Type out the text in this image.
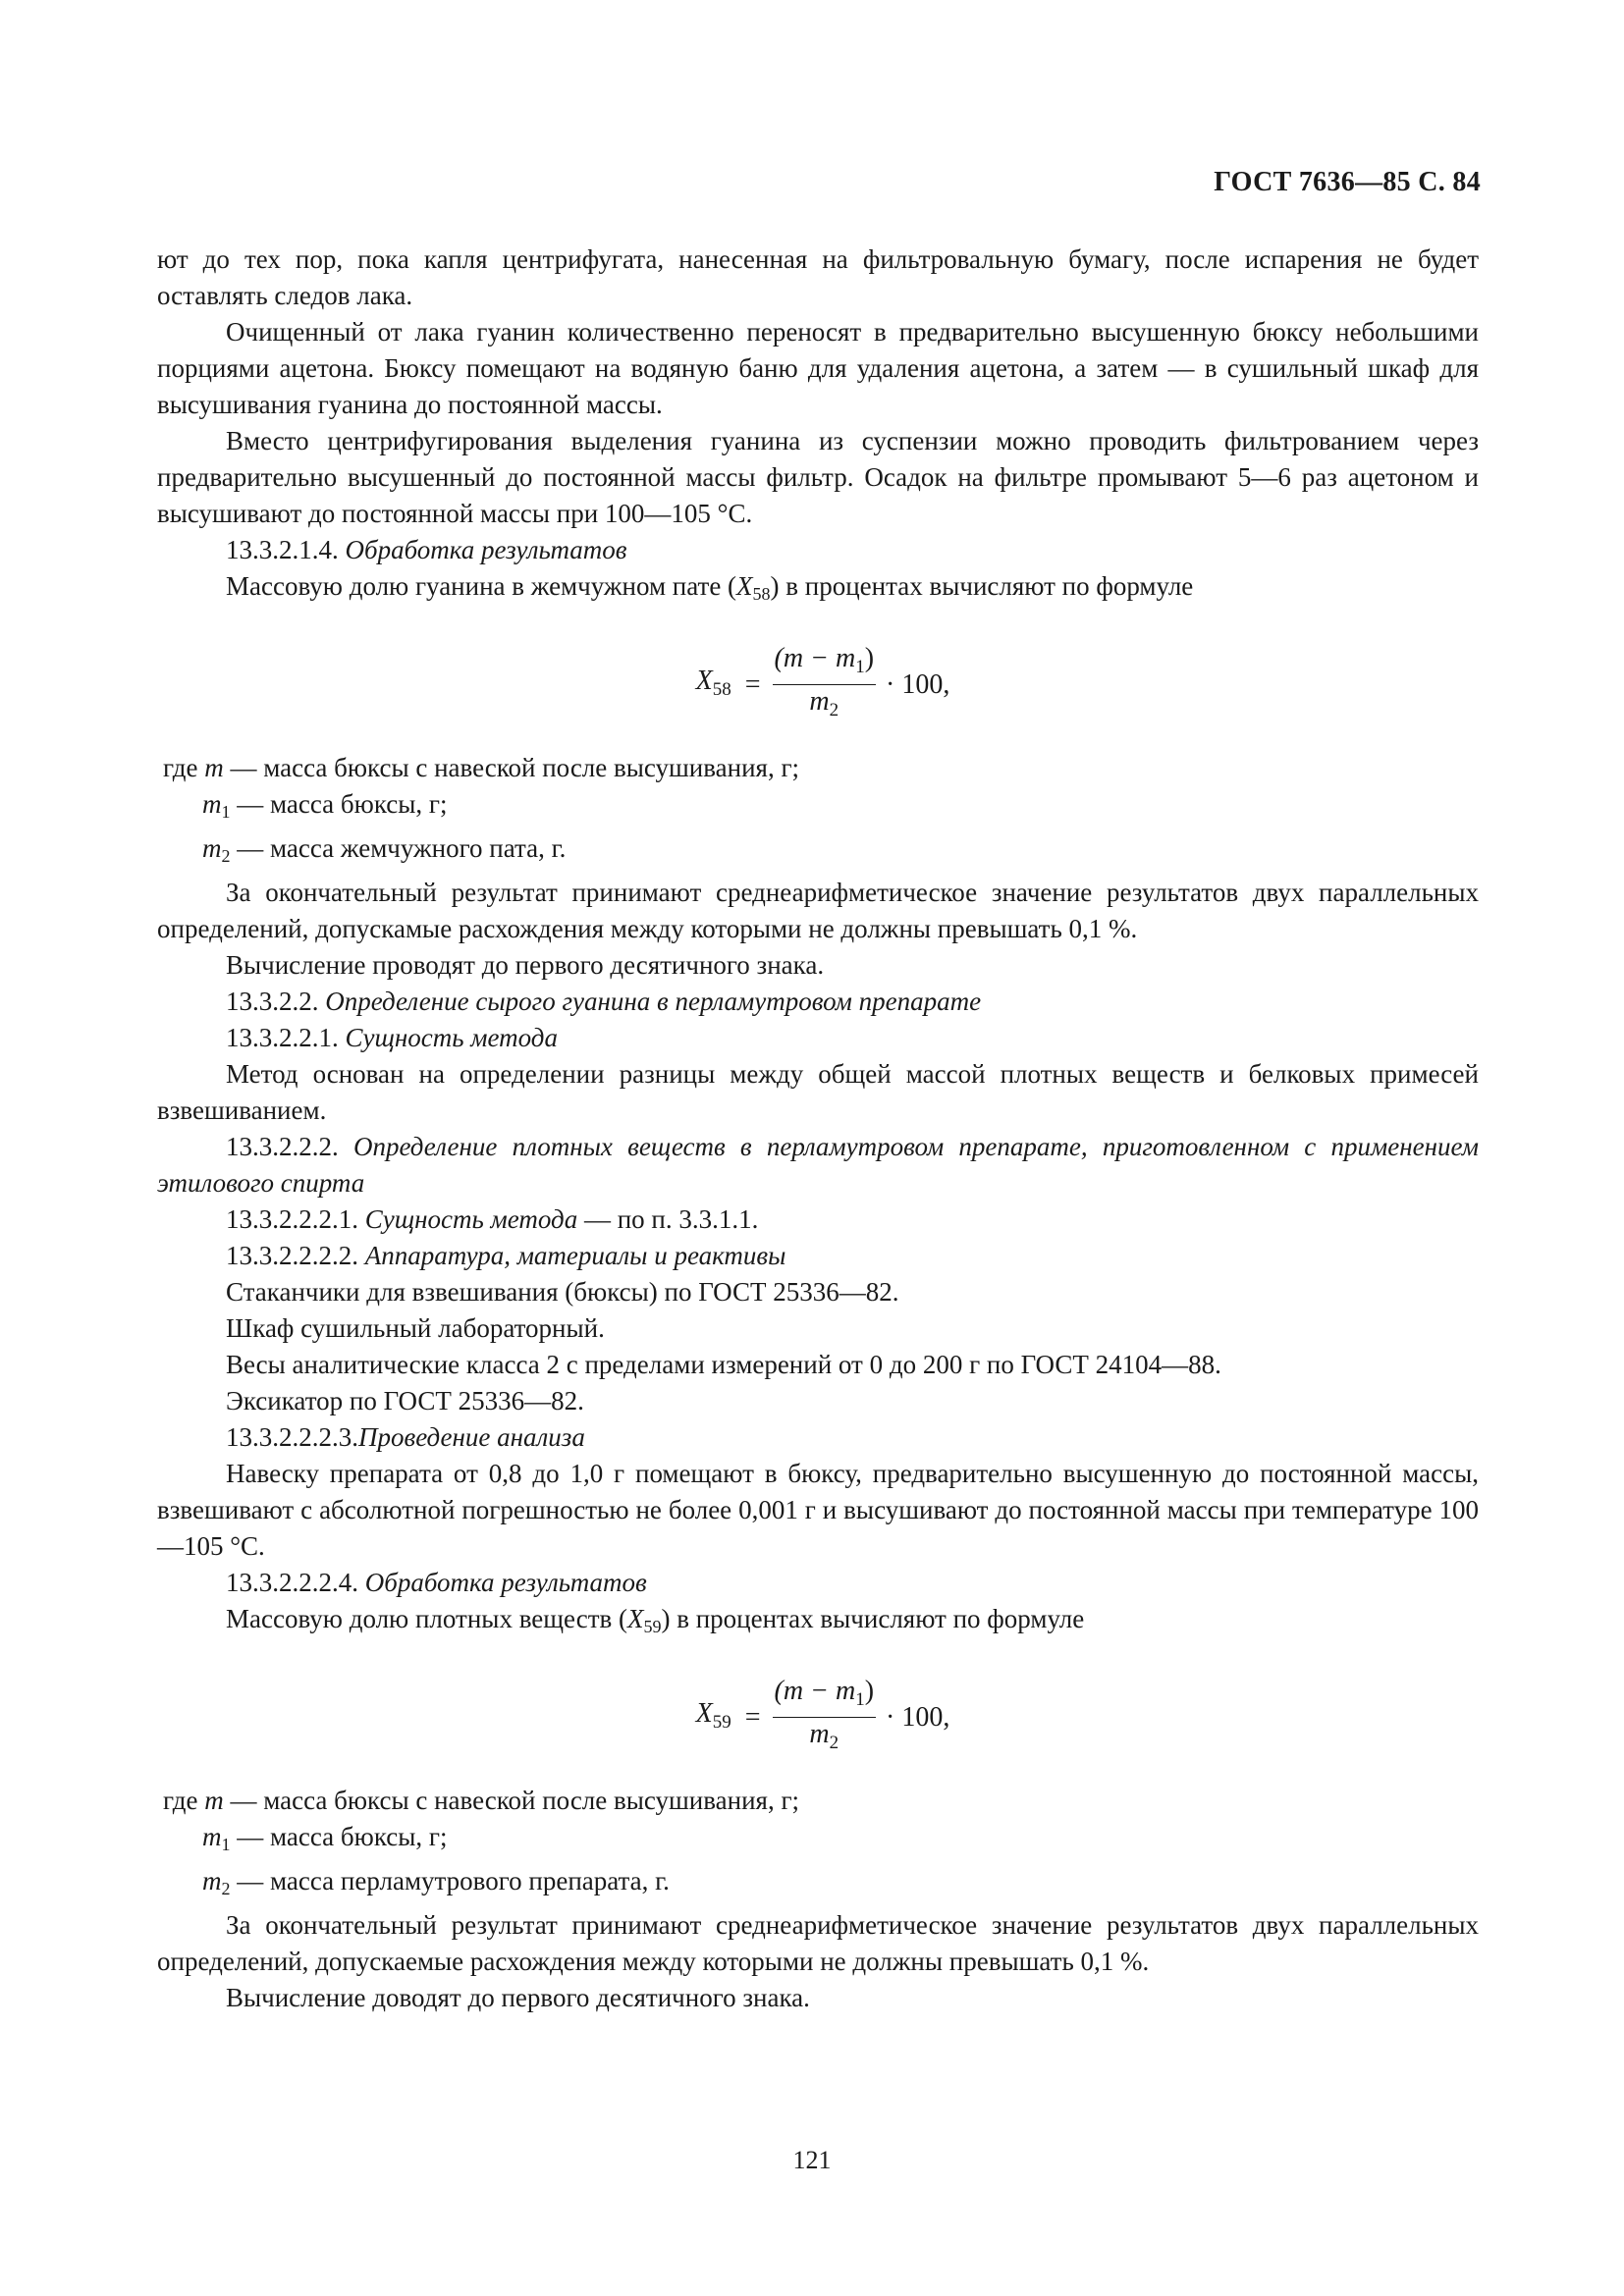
ГОСТ 7636—85 С. 84

ют до тех пор, пока капля центрифугата, нанесенная на фильтровальную бумагу, после испарения не будет оставлять следов лака.

Очищенный от лака гуанин количественно переносят в предварительно высушенную бюксу небольшими порциями ацетона. Бюксу помещают на водяную баню для удаления ацетона, а затем — в сушильный шкаф для высушивания гуанина до постоянной массы.

Вместо центрифугирования выделения гуанина из суспензии можно проводить фильтрованием через предварительно высушенный до постоянной массы фильтр. Осадок на фильтре промывают 5—6 раз ацетоном и высушивают до постоянной массы при 100—105 °С.

13.3.2.1.4. Обработка результатов

Массовую долю гуанина в жемчужном пате $(X_{58})$ в процентах вычисляют по формуле

$X_{58} = \frac{(m - m_1)}{m_2} \cdot 100$,

где m — масса бюксы с навеской после высушивания, г;

$m_1$ — масса бюксы, г;

$m_2$ — масса жемчужного пата, г.

За окончательный результат принимают среднеарифметическое значение результатов двух параллельных определений, допускамые расхождения между которыми не должны превышать 0,1 %.

Вычисление проводят до первого десятичного знака.

13.3.2.2. Определение сырого гуанина в перламутровом препарате

13.3.2.2.1. Сущность метода

Метод основан на определении разницы между общей массой плотных веществ и белковых примесей взвешиванием.

13.3.2.2.2. Определение плотных веществ в перламутровом препарате, приготовленном с применением этилового спирта

13.3.2.2.2.1. Сущность метода — по п. 3.3.1.1.

13.3.2.2.2.2. Аппаратура, материалы и реактивы

Стаканчики для взвешивания (бюксы) по ГОСТ 25336—82.

Шкаф сушильный лабораторный.

Весы аналитические класса 2 с пределами измерений от 0 до 200 г по ГОСТ 24104—88.

Эксикатор по ГОСТ 25336—82.

13.3.2.2.2.3.Проведение анализа

Навеску препарата от 0,8 до 1,0 г помещают в бюксу, предварительно высушенную до постоянной массы, взвешивают с абсолютной погрешностью не более 0,001 г и высушивают до постоянной массы при температуре 100—105 °С.

13.3.2.2.2.4. Обработка результатов

Массовую долю плотных веществ $(X_{59})$ в процентах вычисляют по формуле

$X_{59} = \frac{(m - m_1)}{m_2} \cdot 100$,

где m — масса бюксы с навеской после высушивания, г;

$m_1$ — масса бюксы, г;

$m_2$ — масса перламутрового препарата, г.

За окончательный результат принимают среднеарифметическое значение результатов двух параллельных определений, допускаемые расхождения между которыми не должны превышать 0,1 %.

Вычисление доводят до первого десятичного знака.

121
